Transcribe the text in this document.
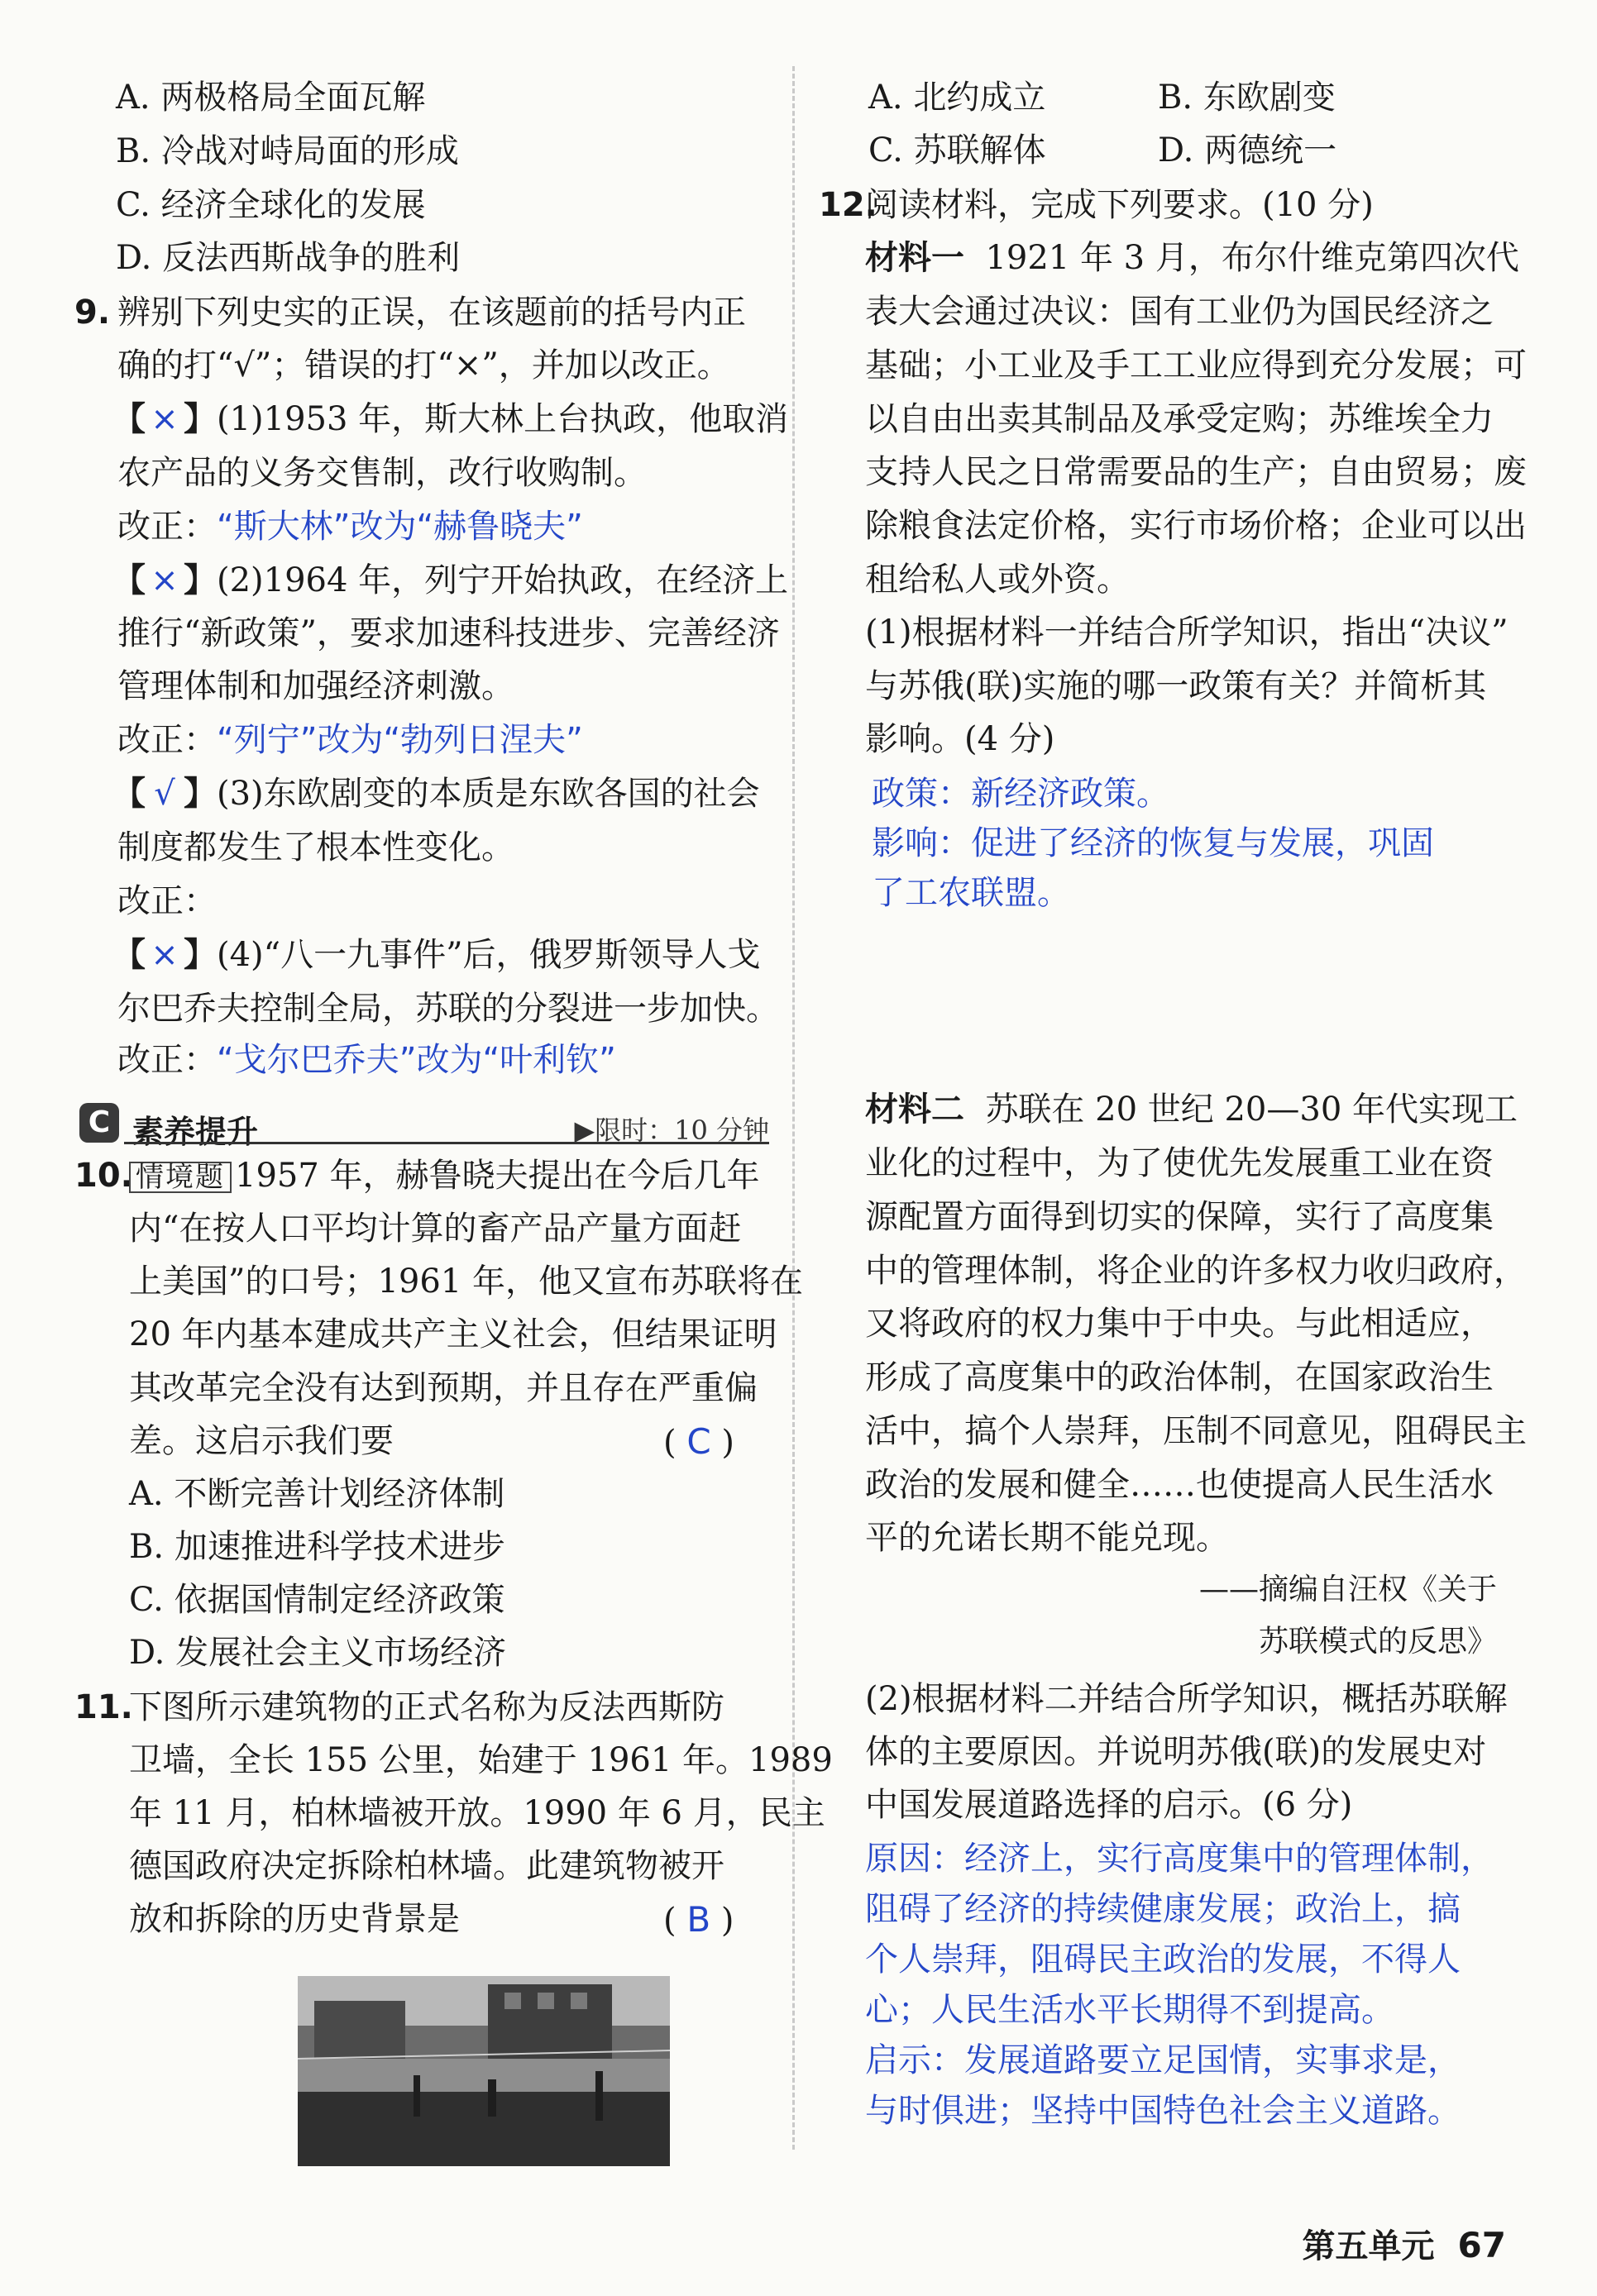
A. 两极格局全面瓦解
B. 冷战对峙局面的形成
C. 经济全球化的发展
D. 反法西斯战争的胜利
9. 辨别下列史实的正误，在该题前的括号内正
确的打“√”；错误的打“×”，并加以改正。
【 × 】(1)1953 年，斯大林上台执政，他取消
农产品的义务交售制，改行收购制。
改正：“斯大林”改为“赫鲁晓夫”
【 × 】(2)1964 年，列宁开始执政，在经济上
推行“新政策”，要求加速科技进步、完善经济
管理体制和加强经济刺激。
改正：“列宁”改为“勃列日涅夫”
【 √ 】(3)东欧剧变的本质是东欧各国的社会
制度都发生了根本性变化。
改正：
【 × 】(4)“八一九事件”后，俄罗斯领导人戈
尔巴乔夫控制全局，苏联的分裂进一步加快。
改正：“戈尔巴乔夫”改为“叶利钦”
C 素养提升	▶限时：10 分钟
10. 情境题 1957 年，赫鲁晓夫提出在今后几年
内“在按人口平均计算的畜产品产量方面赶
上美国”的口号；1961 年，他又宣布苏联将在
20 年内基本建成共产主义社会，但结果证明
其改革完全没有达到预期，并且存在严重偏
差。这启示我们要	( C )
A. 不断完善计划经济体制
B. 加速推进科学技术进步
C. 依据国情制定经济政策
D. 发展社会主义市场经济
11.
下图所示建筑物的正式名称为反法西斯防
卫墙，全长 155 公里，始建于 1961 年。1989
年 11 月，柏林墙被开放。1990 年 6 月，民主
德国政府决定拆除柏林墙。此建筑物被开
放和拆除的历史背景是	( B )
A. 北约成立	B. 东欧剧变
C. 苏联解体	D. 两德统一
12.
阅读材料，完成下列要求。(10 分)
材料一 1921 年 3 月，布尔什维克第四次代
表大会通过决议：国有工业仍为国民经济之
基础；小工业及手工工业应得到充分发展；可
以自由出卖其制品及承受定购；苏维埃全力
支持人民之日常需要品的生产；自由贸易；废
除粮食法定价格，实行市场价格；企业可以出
租给私人或外资。
(1)根据材料一并结合所学知识，指出“决议”
与苏俄(联)实施的哪一政策有关？并简析其
影响。(4 分)
政策：新经济政策。
影响：促进了经济的恢复与发展，巩固
了工农联盟。
材料二 苏联在 20 世纪 20—30 年代实现工
业化的过程中，为了使优先发展重工业在资
源配置方面得到切实的保障，实行了高度集
中的管理体制，将企业的许多权力收归政府，
又将政府的权力集中于中央。与此相适应，
形成了高度集中的政治体制，在国家政治生
活中，搞个人崇拜，压制不同意见，阻碍民主
政治的发展和健全……也使提高人民生活水
平的允诺长期不能兑现。
——摘编自汪权《关于
苏联模式的反思》
(2)根据材料二并结合所学知识，概括苏联解
体的主要原因。并说明苏俄(联)的发展史对
中国发展道路选择的启示。(6 分)
原因：经济上，实行高度集中的管理体制，
阻碍了经济的持续健康发展；政治上，搞
个人崇拜，阻碍民主政治的发展，不得人
心；人民生活水平长期得不到提高。
启示：发展道路要立足国情，实事求是，
与时俱进；坚持中国特色社会主义道路。
第五单元 67
